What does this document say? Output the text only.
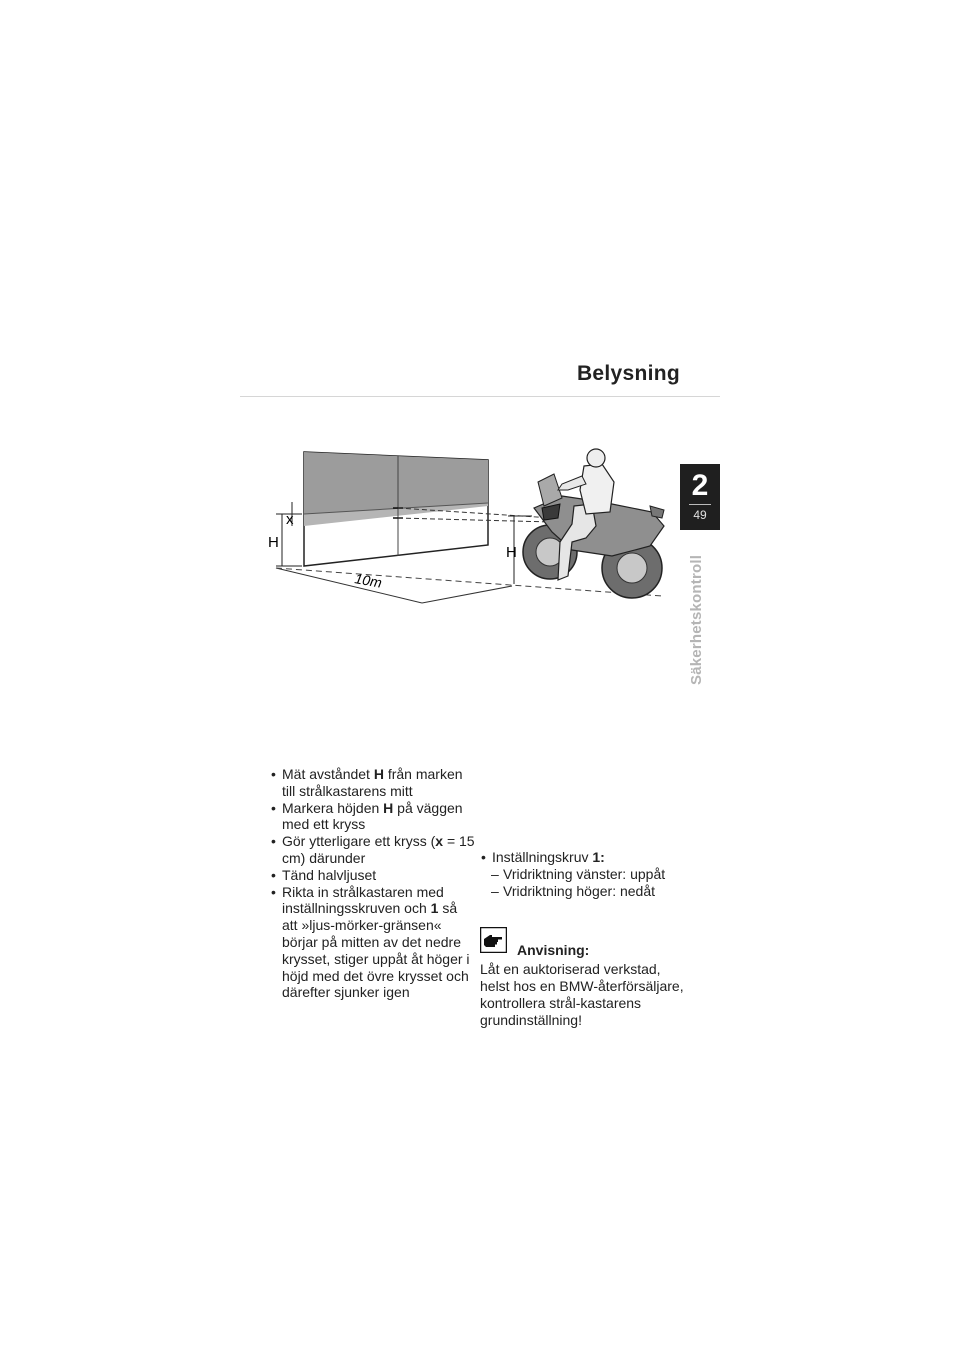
Belysning
2
49
Säkerhetskontroll
x
H
10m
H
• Mät avståndet H från marken till strålkastarens mitt
• Markera höjden H på väggen med ett kryss
• Gör ytterligare ett kryss (x = 15 cm) därunder
• Tänd halvljuset
• Rikta in strålkastaren med inställningsskruven och 1 så att »ljus-mörker-gränsen« börjar på mitten av det nedre krysset, stiger uppåt åt höger i höjd med det övre krysset och därefter sjunker igen
• Inställningskruv 1:
– Vridriktning vänster: uppåt
– Vridriktning höger: nedåt
Anvisning:
Låt en auktoriserad verkstad, helst hos en BMW-återförsäljare, kontrollera strål-kastarens grundinställning!
